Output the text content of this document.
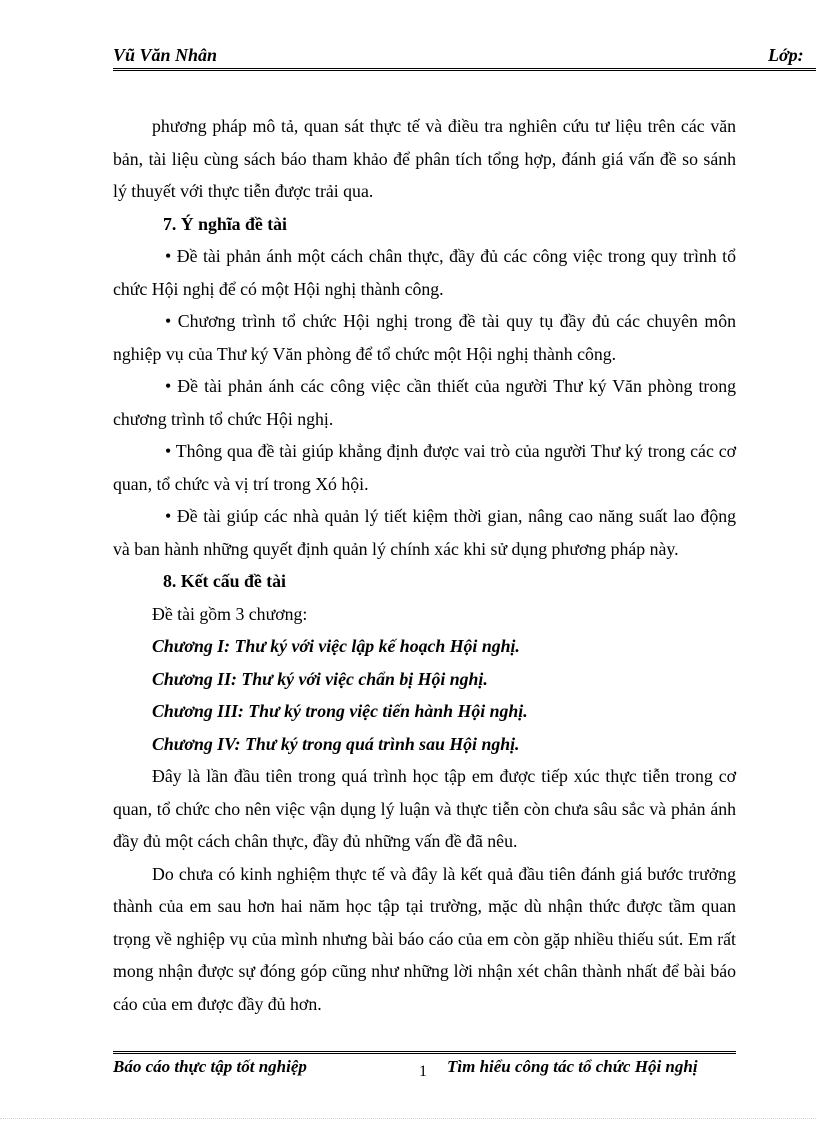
Vũ Văn Nhân	Lớp:

phương pháp mô tả, quan sát thực tế và điều tra nghiên cứu tư liệu trên các văn bản, tài liệu cùng sách báo tham khảo để phân tích tổng hợp, đánh giá vấn đề so sánh lý thuyết với thực tiễn được trải qua.

7. Ý nghĩa đề tài

• Đề tài phản ánh một cách chân thực, đầy đủ các công việc trong quy trình tổ chức Hội nghị để có một Hội nghị thành công.

• Chương trình tổ chức Hội nghị trong đề tài quy tụ đầy đủ các chuyên môn nghiệp vụ của Thư ký Văn phòng để tổ chức một Hội nghị thành công.

• Đề tài phản ánh các công việc cần thiết của người Thư ký Văn phòng trong chương trình tổ chức Hội nghị.

• Thông qua đề tài giúp khẳng định được vai trò của người Thư ký trong các cơ quan, tổ chức và vị trí trong Xó hội.

• Đề tài giúp các nhà quản lý tiết kiệm thời gian, nâng cao năng suất lao động và ban hành những quyết định quản lý chính xác khi sử dụng phương pháp này.

8. Kết cấu đề tài

Đề tài gồm 3 chương:

Chương I: Thư ký với việc lập kế hoạch Hội nghị.

Chương II: Thư ký với việc chẩn bị Hội nghị.

Chương III: Thư ký trong việc tiến hành Hội nghị.

Chương IV: Thư ký trong quá trình sau Hội nghị.

Đây là lần đầu tiên trong quá trình học tập em được tiếp xúc thực tiễn trong cơ quan, tổ chức cho nên việc vận dụng lý luận và thực tiễn còn chưa sâu sắc và phản ánh đầy đủ một cách chân thực, đầy đủ những vấn đề đã nêu.

Do chưa có kinh nghiệm thực tế và đây là kết quả đầu tiên đánh giá bước trưởng thành của em sau hơn hai năm học tập tại trường, mặc dù nhận thức được tầm quan trọng về nghiệp vụ của mình nhưng bài báo cáo của em còn gặp nhiều thiếu sút. Em rất mong nhận được sự đóng góp cũng như những lời nhận xét chân thành nhất để bài báo cáo của em được đầy đủ hơn.

Báo cáo thực tập tốt nghiệp	1 Tìm hiểu công tác tổ chức Hội nghị
